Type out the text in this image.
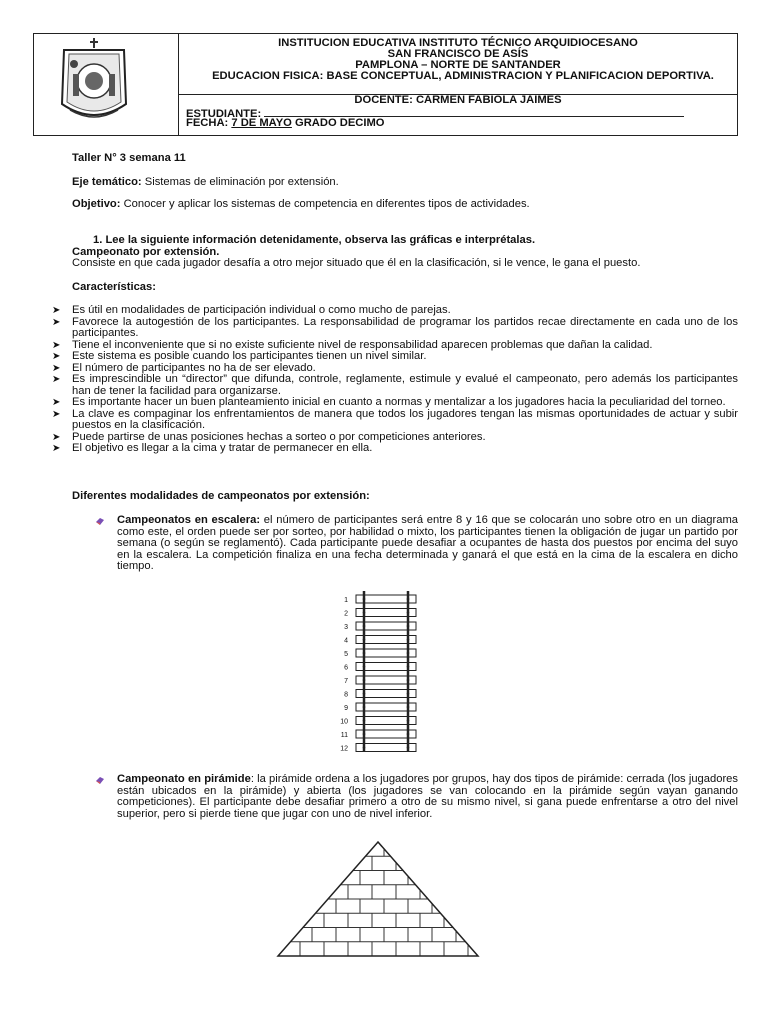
INSTITUCION EDUCATIVA INSTITUTO TÉCNICO ARQUIDIOCESANO
SAN FRANCISCO DE ASÍS
PAMPLONA – NORTE DE SANTANDER
EDUCACION FISICA: BASE CONCEPTUAL, ADMINISTRACION Y PLANIFICACION DEPORTIVA.
DOCENTE: CARMEN FABIOLA JAIMES
ESTUDIANTE:
FECHA: 7 DE MAYO GRADO DECIMO
Taller N° 3 semana 11
Eje temático: Sistemas de eliminación por extensión.
Objetivo: Conocer y aplicar los sistemas de competencia en diferentes tipos de actividades.
1. Lee la siguiente información detenidamente, observa las gráficas e interprétalas.
Campeonato por extensión.
Consiste en que cada jugador desafía a otro mejor situado que él en la clasificación, si le vence, le gana el puesto.
Características:

➤ Es útil en modalidades de participación individual o como mucho de parejas.

➤ Favorece la autogestión de los participantes. La responsabilidad de programar los partidos recae directamente en cada uno de los participantes.

➤ Tiene el inconveniente que si no existe suficiente nivel de responsabilidad aparecen problemas que dañan la calidad.

➤ Este sistema es posible cuando los participantes tienen un nivel similar.

➤ El número de participantes no ha de ser elevado.

➤ Es imprescindible un “director” que difunda, controle, reglamente, estimule y evalué el campeonato, pero además los participantes han de tener la facilidad para organizarse.

➤ Es importante hacer un buen planteamiento inicial en cuanto a normas y mentalizar a los jugadores hacia la peculiaridad del torneo.

➤ La clave es compaginar los enfrentamientos de manera que todos los jugadores tengan las mismas oportunidades de actuar y subir puestos en la clasificación.

➤ Puede partirse de unas posiciones hechas a sorteo o por competiciones anteriores.

➤ El objetivo es llegar a la cima y tratar de permanecer en ella.

Diferentes modalidades de campeonatos por extensión:
Campeonatos en escalera: el número de participantes será entre 8 y 16 que se colocarán uno sobre otro en un diagrama como este, el orden puede ser por sorteo, por habilidad o mixto, los participantes tienen la obligación de jugar un partido por semana (o según se reglamentó). Cada participante puede desafiar a ocupantes de hasta dos puestos por encima del suyo en la escalera. La competición finaliza en una fecha determinada y ganará el que está en la cima de la escalera en dicho tiempo.
1
2
3
4
5
6
7
8
9
10
11
12
Campeonato en pirámide: la pirámide ordena a los jugadores por grupos, hay dos tipos de pirámide: cerrada (los jugadores están ubicados en la pirámide) y abierta (los jugadores se van colocando en la pirámide según vayan ganando competiciones). El participante debe desafiar primero a otro de su mismo nivel, si gana puede enfrentarse a otro del nivel superior, pero si pierde tiene que jugar con uno de nivel inferior.
